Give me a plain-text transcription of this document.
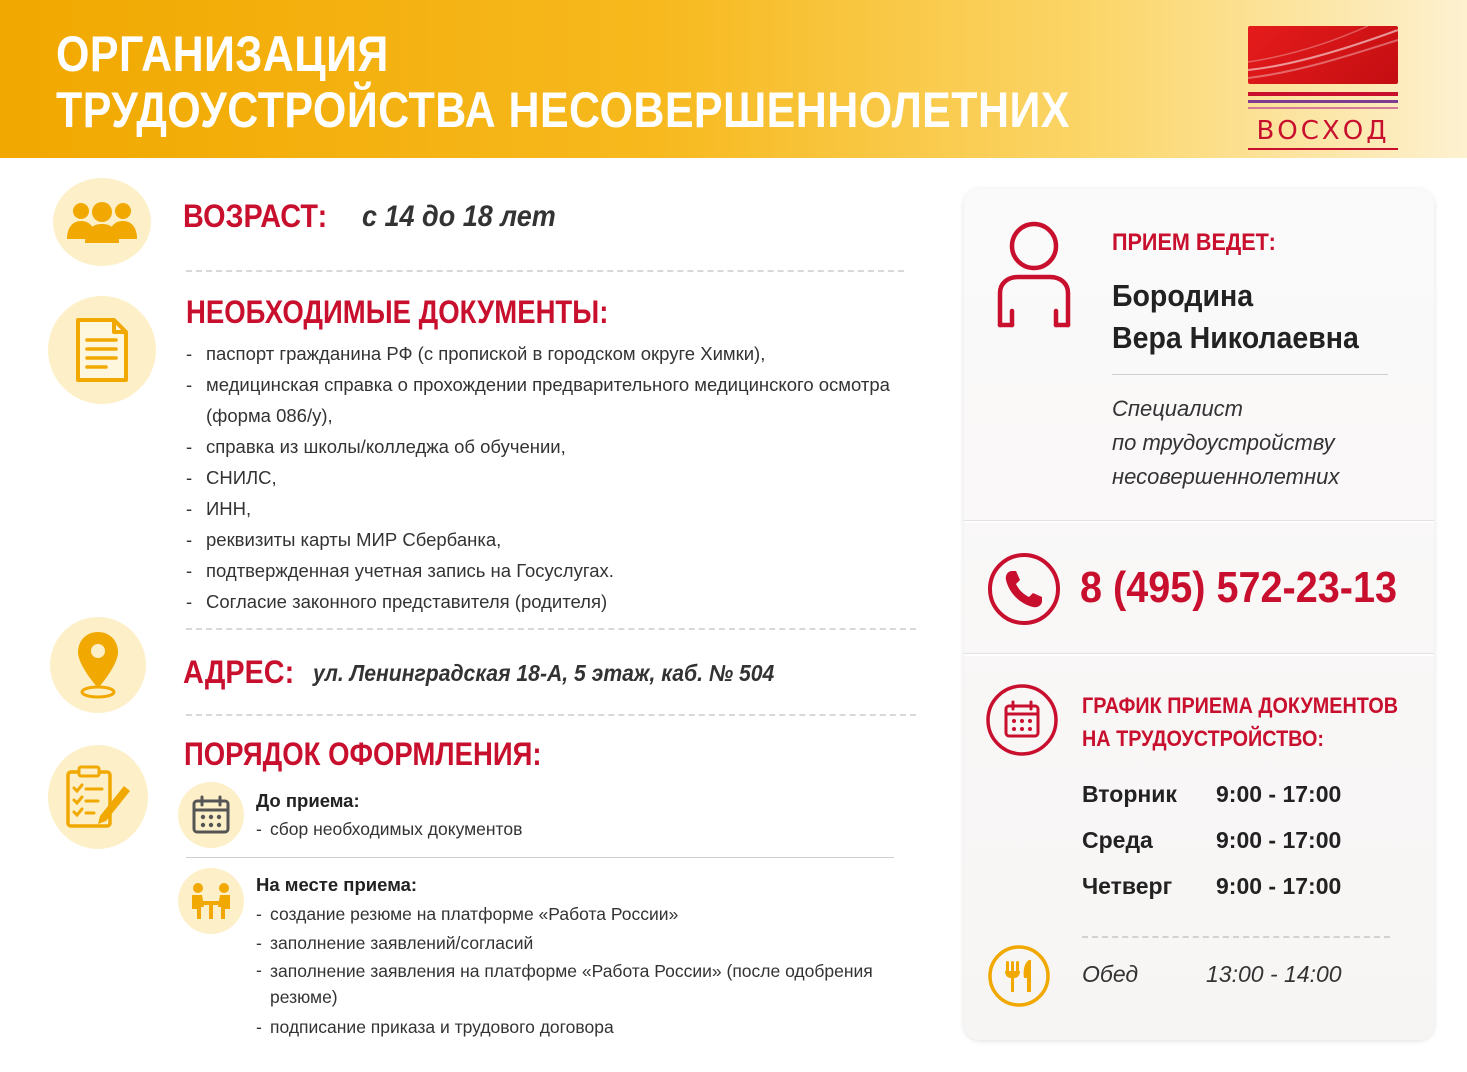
ОРГАНИЗАЦИЯ
ТРУДОУСТРОЙСТВА НЕСОВЕРШЕННОЛЕТНИХ	ВОСХОД
ВОЗРАСТ: с 14 до 18 лет
НЕОБХОДИМЫЕ ДОКУМЕНТЫ:
- паспорт гражданина РФ (с пропиской в городском округе Химки),
- медицинская справка о прохождении предварительного медицинского осмотра
(форма 086/у),
- справка из школы/колледжа об обучении,
- СНИЛС,
- ИНН,
- реквизиты карты МИР Сбербанка,
- подтвержденная учетная запись на Госуслугах.
- Согласие законного представителя (родителя)
АДРЕС: ул. Ленинградская 18-А, 5 этаж, каб. № 504
ПОРЯДОК ОФОРМЛЕНИЯ:
До приема:
- сбор необходимых документов
На месте приема:
- создание резюме на платформе «Работа России»
- заполнение заявлений/согласий
- заполнение заявления на платформе «Работа России» (после одобрения
резюме)
- подписание приказа и трудового договора
ПРИЕМ ВЕДЕТ:
Бородина
Вера Николаевна
Специалист
по трудоустройству
несовершеннолетних
8 (495) 572-23-13
ГРАФИК ПРИЕМА ДОКУМЕНТОВ
НА ТРУДОУСТРОЙСТВО:
Вторник 9:00 - 17:00
Среда	9:00 - 17:00
Четверг 9:00 - 17:00
Обед	13:00 - 14:00
